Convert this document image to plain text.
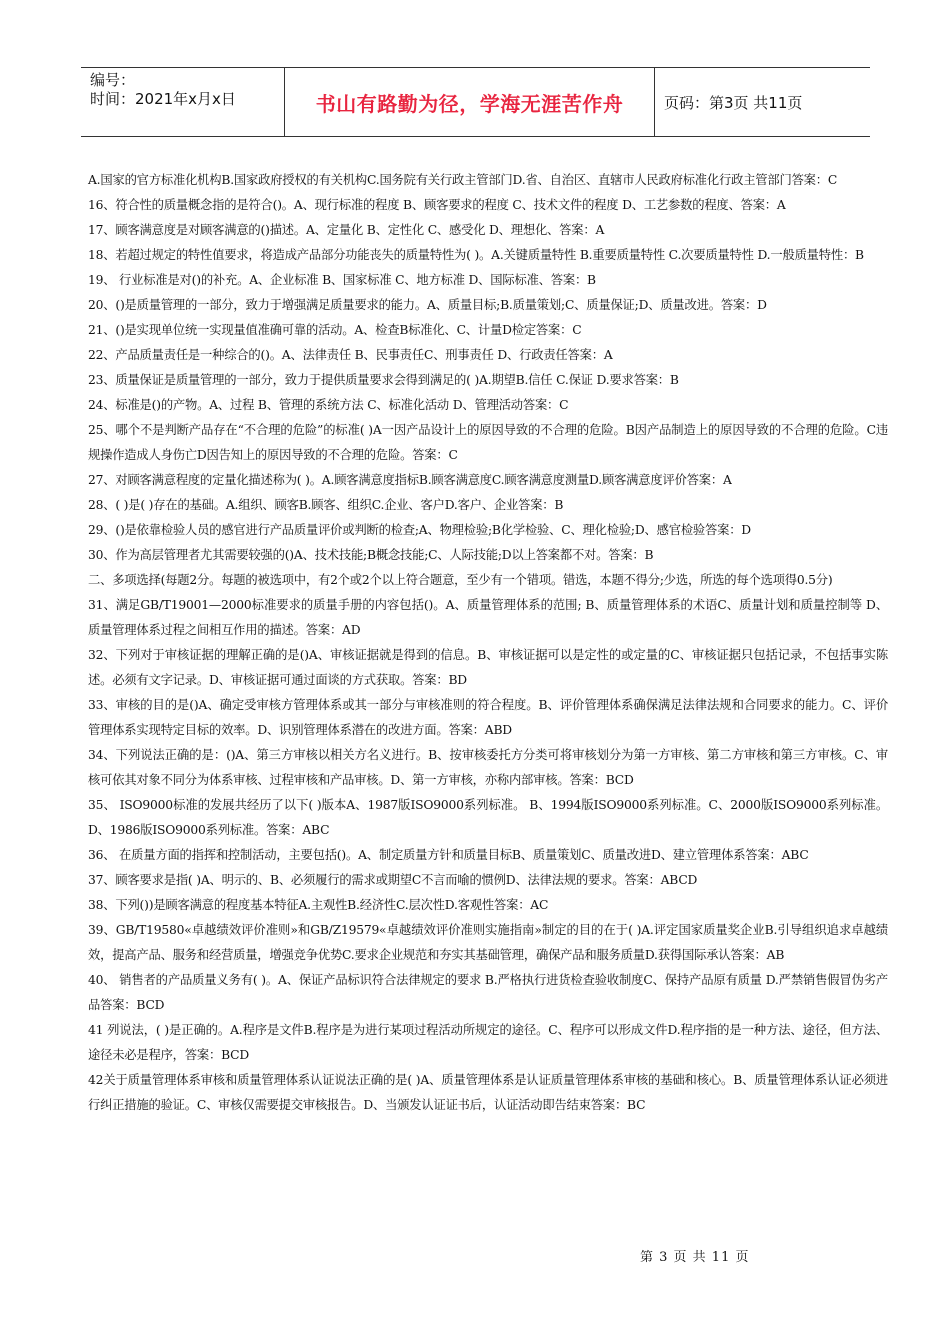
编号：
时间：2021年x月x日	书山有路勤为径，学海无涯苦作舟	页码：第3页 共11页

A.国家的官方标准化机构B.国家政府授权的有关机构C.国务院有关行政主管部门D.省、自治区、直辖市人民政府标准化行政主管部门答案：C

16、符合性的质量概念指的是符合()。A、现行标准的程度 B、顾客要求的程度 C、技术文件的程度 D、工艺参数的程度、答案：A

17、顾客满意度是对顾客满意的()描述。A、定量化 B、定性化 C、感受化 D、理想化、答案：A

18、若超过规定的特性值要求，将造成产品部分功能丧失的质量特性为( )。A.关键质量特性 B.重要质量特性 C.次要质量特性 D.一般质量特性：B

19、 行业标准是对()的补充。A、企业标准 B、国家标准 C、地方标准 D、国际标准、答案：B

20、()是质量管理的一部分，致力于增强满足质量要求的能力。A、质量目标;B.质量策划;C、质量保证;D、质量改进。答案：D

21、()是实现单位统一实现量值准确可靠的活动。A、检查B标准化、C、计量D检定答案：C

22、产品质量责任是一种综合的()。A、法律责任 B、民事责任C、刑事责任 D、行政责任答案：A

23、质量保证是质量管理的一部分，致力于提供质量要求会得到满足的( )A.期望B.信任 C.保证 D.要求答案：B

24、标准是()的产物。A、过程 B、管理的系统方法 C、标准化活动 D、管理活动答案：C

25、哪个不是判断产品存在“不合理的危险”的标准( )A一因产品设计上的原因导致的不合理的危险。B因产品制造上的原因导致的不合理的危险。C违规操作造成人身伤亡D因告知上的原因导致的不合理的危险。答案：C

27、对顾客满意程度的定量化描述称为( )。A.顾客满意度指标B.顾客满意度C.顾客满意度测量D.顾客满意度评价答案：A

28、( )是( )存在的基础。A.组织、顾客B.顾客、组织C.企业、客户D.客户、企业答案：B

29、()是依靠检验人员的感官进行产品质量评价或判断的检查;A、物理检验;B化学检验、C、理化检验;D、感官检验答案：D

30、作为高层管理者尤其需要较强的()A、技术技能;B概念技能;C、人际技能;D以上答案都不对。答案：B

二、多项选择(每题2分。每题的被选项中，有2个或2个以上符合题意，至少有一个错项。错选，本题不得分;少选，所选的每个选项得0.5分)

31、满足GB/T19001—2000标准要求的质量手册的内容包括()。A、质量管理体系的范围; B、质量管理体系的术语C、质量计划和质量控制等 D、质量管理体系过程之间相互作用的描述。答案：AD

32、下列对于审核证据的理解正确的是()A、审核证据就是得到的信息。B、审核证据可以是定性的或定量的C、审核证据只包括记录，不包括事实陈述。必须有文字记录。D、审核证据可通过面谈的方式获取。答案：BD

33、审核的目的是()A、确定受审核方管理体系或其一部分与审核准则的符合程度。B、评价管理体系确保满足法律法规和合同要求的能力。C、评价管理体系实现特定目标的效率。D、识别管理体系潜在的改进方面。答案：ABD

34、下列说法正确的是：()A、第三方审核以相关方名义进行。B、按审核委托方分类可将审核划分为第一方审核、第二方审核和第三方审核。C、审核可依其对象不同分为体系审核、过程审核和产品审核。D、第一方审核，亦称内部审核。答案：BCD

35、 ISO9000标准的发展共经历了以下( )版本A、1987版ISO9000系列标准。 B、1994版ISO9000系列标准。C、2000版ISO9000系列标准。 D、1986版ISO9000系列标准。答案：ABC

36、 在质量方面的指挥和控制活动，主要包括()。A、制定质量方针和质量目标B、质量策划C、质量改进D、建立管理体系答案：ABC

37、顾客要求是指( )A、明示的、B、必须履行的需求或期望C不言而喻的惯例D、法律法规的要求。答案：ABCD

38、下列())是顾客满意的程度基本特征A.主观性B.经济性C.层次性D.客观性答案：AC

39、GB/T19580«卓越绩效评价准则»和GB/Z19579«卓越绩效评价准则实施指南»制定的目的在于( )A.评定国家质量奖企业B.引导组织追求卓越绩效，提高产品、服务和经营质量，增强竞争优势C.要求企业规范和夯实其基础管理，确保产品和服务质量D.获得国际承认答案：AB

40、 销售者的产品质量义务有( )。A、保证产品标识符合法律规定的要求 B.严格执行进货检查验收制度C、保持产品原有质量 D.严禁销售假冒伪劣产品答案：BCD

41 列说法，( )是正确的。A.程序是文件B.程序是为进行某项过程活动所规定的途径。C、程序可以形成文件D.程序指的是一种方法、途径，但方法、途径未必是程序，答案：BCD

42关于质量管理体系审核和质量管理体系认证说法正确的是( )A、质量管理体系是认证质量管理体系审核的基础和核心。B、质量管理体系认证必须进行纠正措施的验证。C、审核仅需要提交审核报告。D、当颁发认证证书后，认证活动即告结束答案：BC

第 3 页 共 11 页
